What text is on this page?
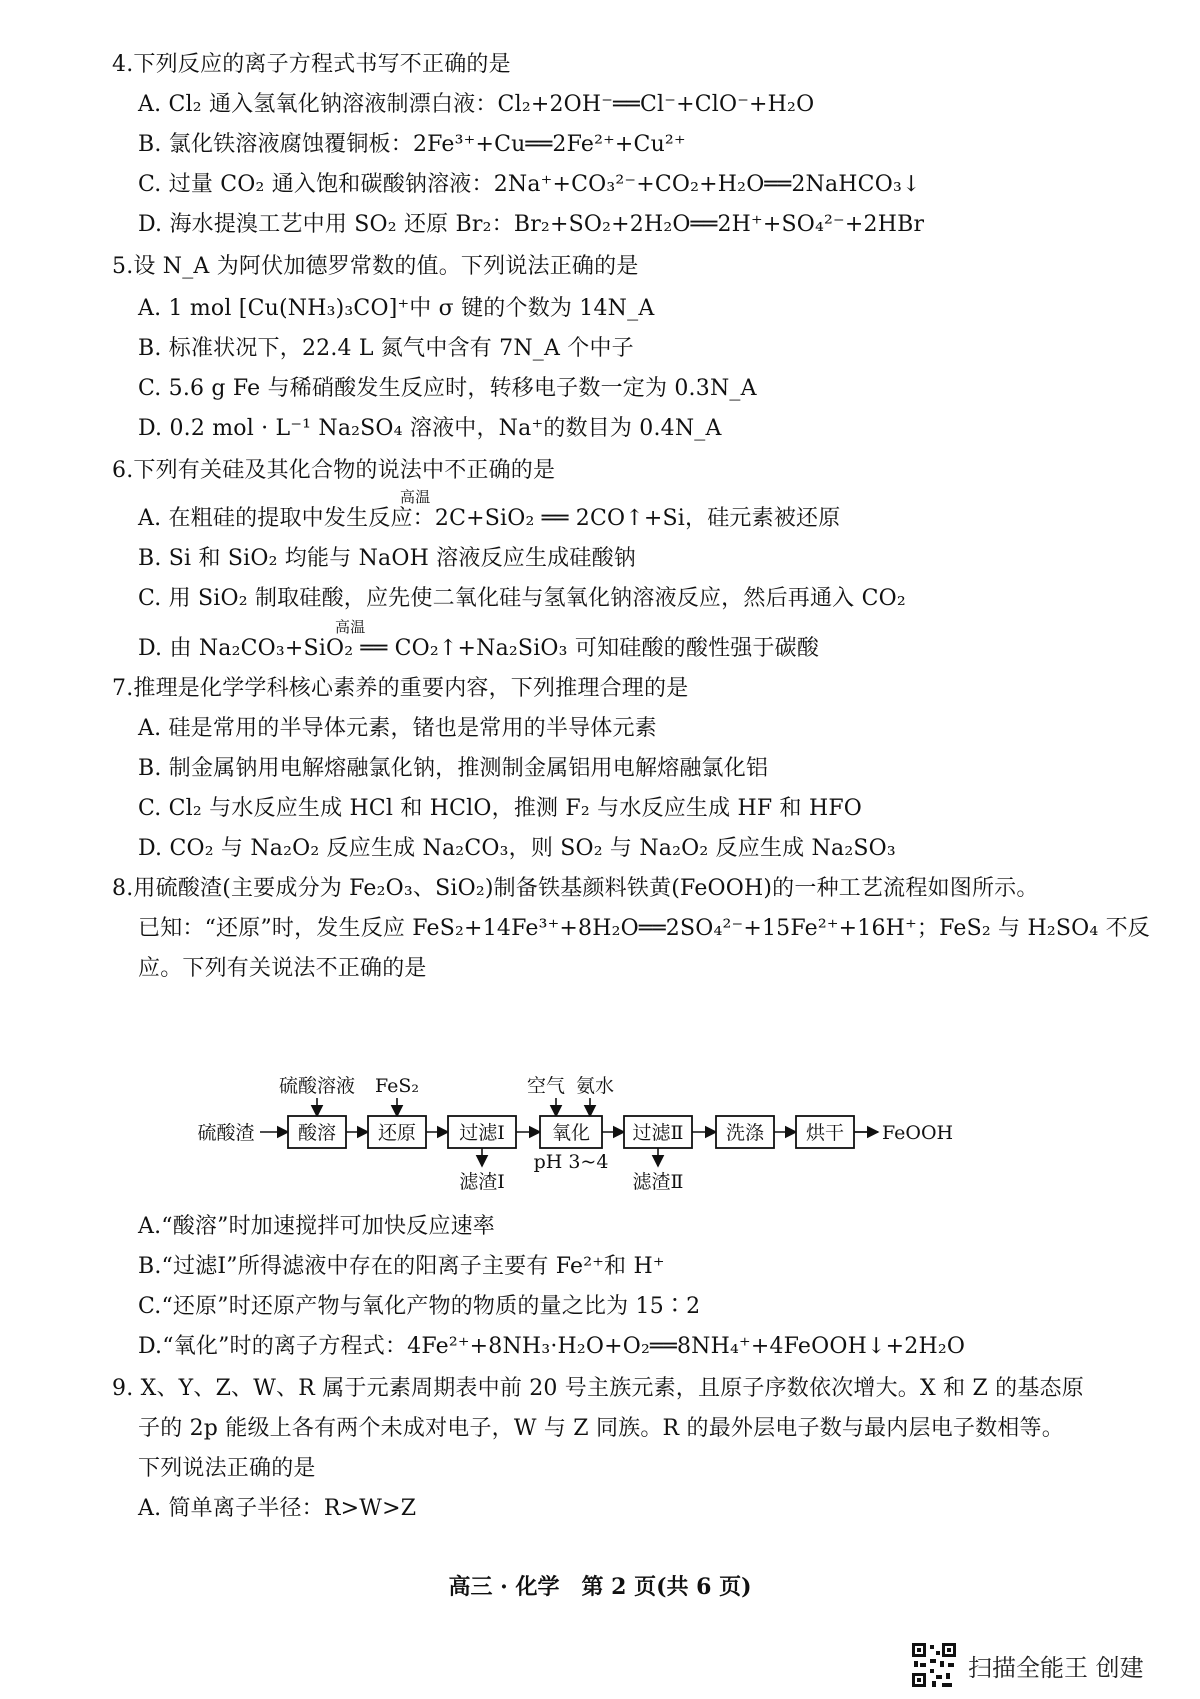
4.下列反应的离子方程式书写不正确的是
A. Cl₂ 通入氢氧化钠溶液制漂白液：Cl₂+2OH⁻══Cl⁻+ClO⁻+H₂O
B. 氯化铁溶液腐蚀覆铜板：2Fe³⁺+Cu══2Fe²⁺+Cu²⁺
C. 过量 CO₂ 通入饱和碳酸钠溶液：2Na⁺+CO₃²⁻+CO₂+H₂O══2NaHCO₃↓
D. 海水提溴工艺中用 SO₂ 还原 Br₂：Br₂+SO₂+2H₂O══2H⁺+SO₄²⁻+2HBr
5.设 N_A 为阿伏加德罗常数的值。下列说法正确的是
A. 1 mol [Cu(NH₃)₃CO]⁺中 σ 键的个数为 14N_A
B. 标准状况下，22.4 L 氮气中含有 7N_A 个中子
C. 5.6 g Fe 与稀硝酸发生反应时，转移电子数一定为 0.3N_A
D. 0.2 mol · L⁻¹ Na₂SO₄ 溶液中，Na⁺的数目为 0.4N_A
6.下列有关硅及其化合物的说法中不正确的是
高温
A. 在粗硅的提取中发生反应：2C+SiO₂ ══ 2CO↑+Si，硅元素被还原
B. Si 和 SiO₂ 均能与 NaOH 溶液反应生成硅酸钠
C. 用 SiO₂ 制取硅酸，应先使二氧化硅与氢氧化钠溶液反应，然后再通入 CO₂
高温
D. 由 Na₂CO₃+SiO₂ ══ CO₂↑+Na₂SiO₃ 可知硅酸的酸性强于碳酸
7.推理是化学学科核心素养的重要内容，下列推理合理的是
A. 硅是常用的半导体元素，锗也是常用的半导体元素
B. 制金属钠用电解熔融氯化钠，推测制金属铝用电解熔融氯化铝
C. Cl₂ 与水反应生成 HCl 和 HClO，推测 F₂ 与水反应生成 HF 和 HFO
D. CO₂ 与 Na₂O₂ 反应生成 Na₂CO₃，则 SO₂ 与 Na₂O₂ 反应生成 Na₂SO₃
8.用硫酸渣(主要成分为 Fe₂O₃、SiO₂)制备铁基颜料铁黄(FeOOH)的一种工艺流程如图所示。
已知：“还原”时，发生反应 FeS₂+14Fe³⁺+8H₂O══2SO₄²⁻+15Fe²⁺+16H⁺；FeS₂ 与 H₂SO₄ 不反
应。下列有关说法不正确的是
硫酸渣 酸溶 还原 过滤Ⅰ 氧化 过滤Ⅱ 洗涤 烘干
硫酸溶液 FeS₂	空气 氨水
滤渣Ⅰ
pH 3~4
滤渣Ⅱ
FeOOH
A.“酸溶”时加速搅拌可加快反应速率
B.“过滤Ⅰ”所得滤液中存在的阳离子主要有 Fe²⁺和 H⁺
C.“还原”时还原产物与氧化产物的物质的量之比为 15∶2
D.“氧化”时的离子方程式：4Fe²⁺+8NH₃·H₂O+O₂══8NH₄⁺+4FeOOH↓+2H₂O
9. X、Y、Z、W、R 属于元素周期表中前 20 号主族元素，且原子序数依次增大。X 和 Z 的基态原
子的 2p 能级上各有两个未成对电子，W 与 Z 同族。R 的最外层电子数与最内层电子数相等。
下列说法正确的是
A. 简单离子半径：R>W>Z
高三 · 化学　第 2 页(共 6 页)
扫描全能王 创建
